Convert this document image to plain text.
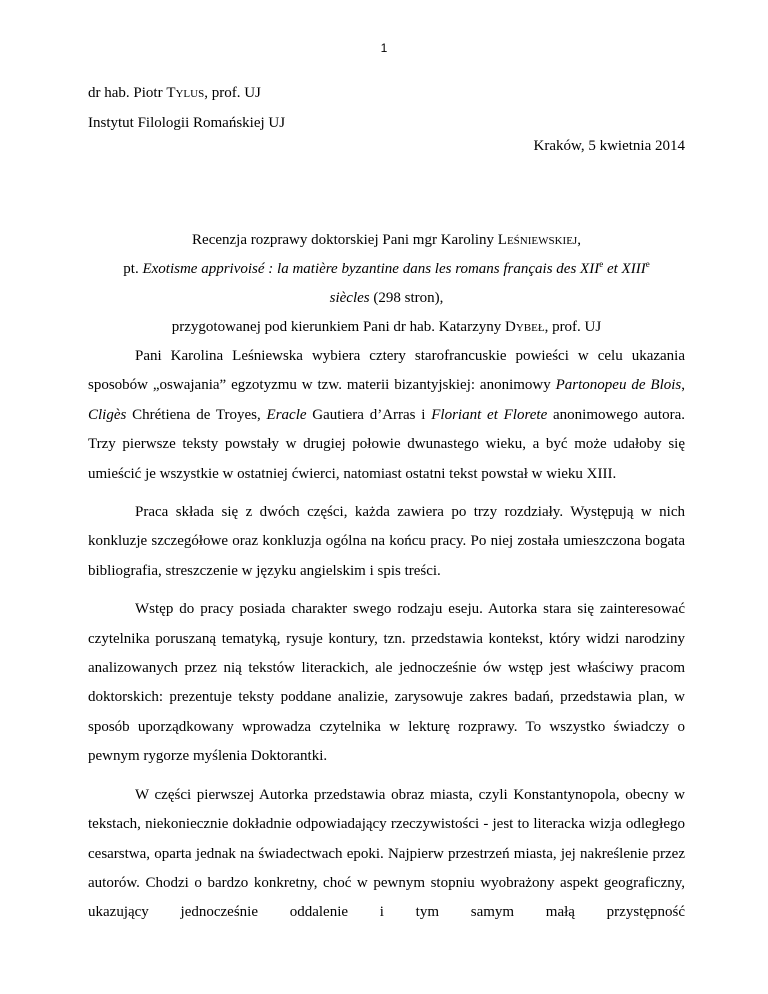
1
dr hab. Piotr Tylus, prof. UJ
Instytut Filologii Romańskiej UJ
Kraków, 5 kwietnia 2014
Recenzja rozprawy doktorskiej Pani mgr Karoliny Leśniewskiej,
pt. Exotisme apprivoisé : la matière byzantine dans les romans français des XIIe et XIIIe
siècles (298 stron),
przygotowanej pod kierunkiem Pani dr hab. Katarzyny Dybeł, prof. UJ

Pani Karolina Leśniewska wybiera cztery starofrancuskie powieści w celu ukazania sposobów „oswajania” egzotyzmu w tzw. materii bizantyjskiej: anonimowy Partonopeu de Blois, Cligès Chrétiena de Troyes, Eracle Gautiera d’Arras i Floriant et Florete anonimowego autora. Trzy pierwsze teksty powstały w drugiej połowie dwunastego wieku, a być może udałoby się umieścić je wszystkie w ostatniej ćwierci, natomiast ostatni tekst powstał w wieku XIII.

Praca składa się z dwóch części, każda zawiera po trzy rozdziały. Występują w nich konkluzje szczegółowe oraz konkluzja ogólna na końcu pracy. Po niej została umieszczona bogata bibliografia, streszczenie w języku angielskim i spis treści.

Wstęp do pracy posiada charakter swego rodzaju eseju. Autorka stara się zainteresować czytelnika poruszaną tematyką, rysuje kontury, tzn. przedstawia kontekst, który widzi narodziny analizowanych przez nią tekstów literackich, ale jednocześnie ów wstęp jest właściwy pracom doktorskich: prezentuje teksty poddane analizie, zarysowuje zakres badań, przedstawia plan, w sposób uporządkowany wprowadza czytelnika w lekturę rozprawy. To wszystko świadczy o pewnym rygorze myślenia Doktorantki.

W części pierwszej Autorka przedstawia obraz miasta, czyli Konstantynopola, obecny w tekstach, niekoniecznie dokładnie odpowiadający rzeczywistości - jest to literacka wizja odległego cesarstwa, oparta jednak na świadectwach epoki. Najpierw przestrzeń miasta, jej nakreślenie przez autorów. Chodzi o bardzo konkretny, choć w pewnym stopniu wyobrażony aspekt geograficzny, ukazujący jednocześnie oddalenie i tym samym małą przystępność
